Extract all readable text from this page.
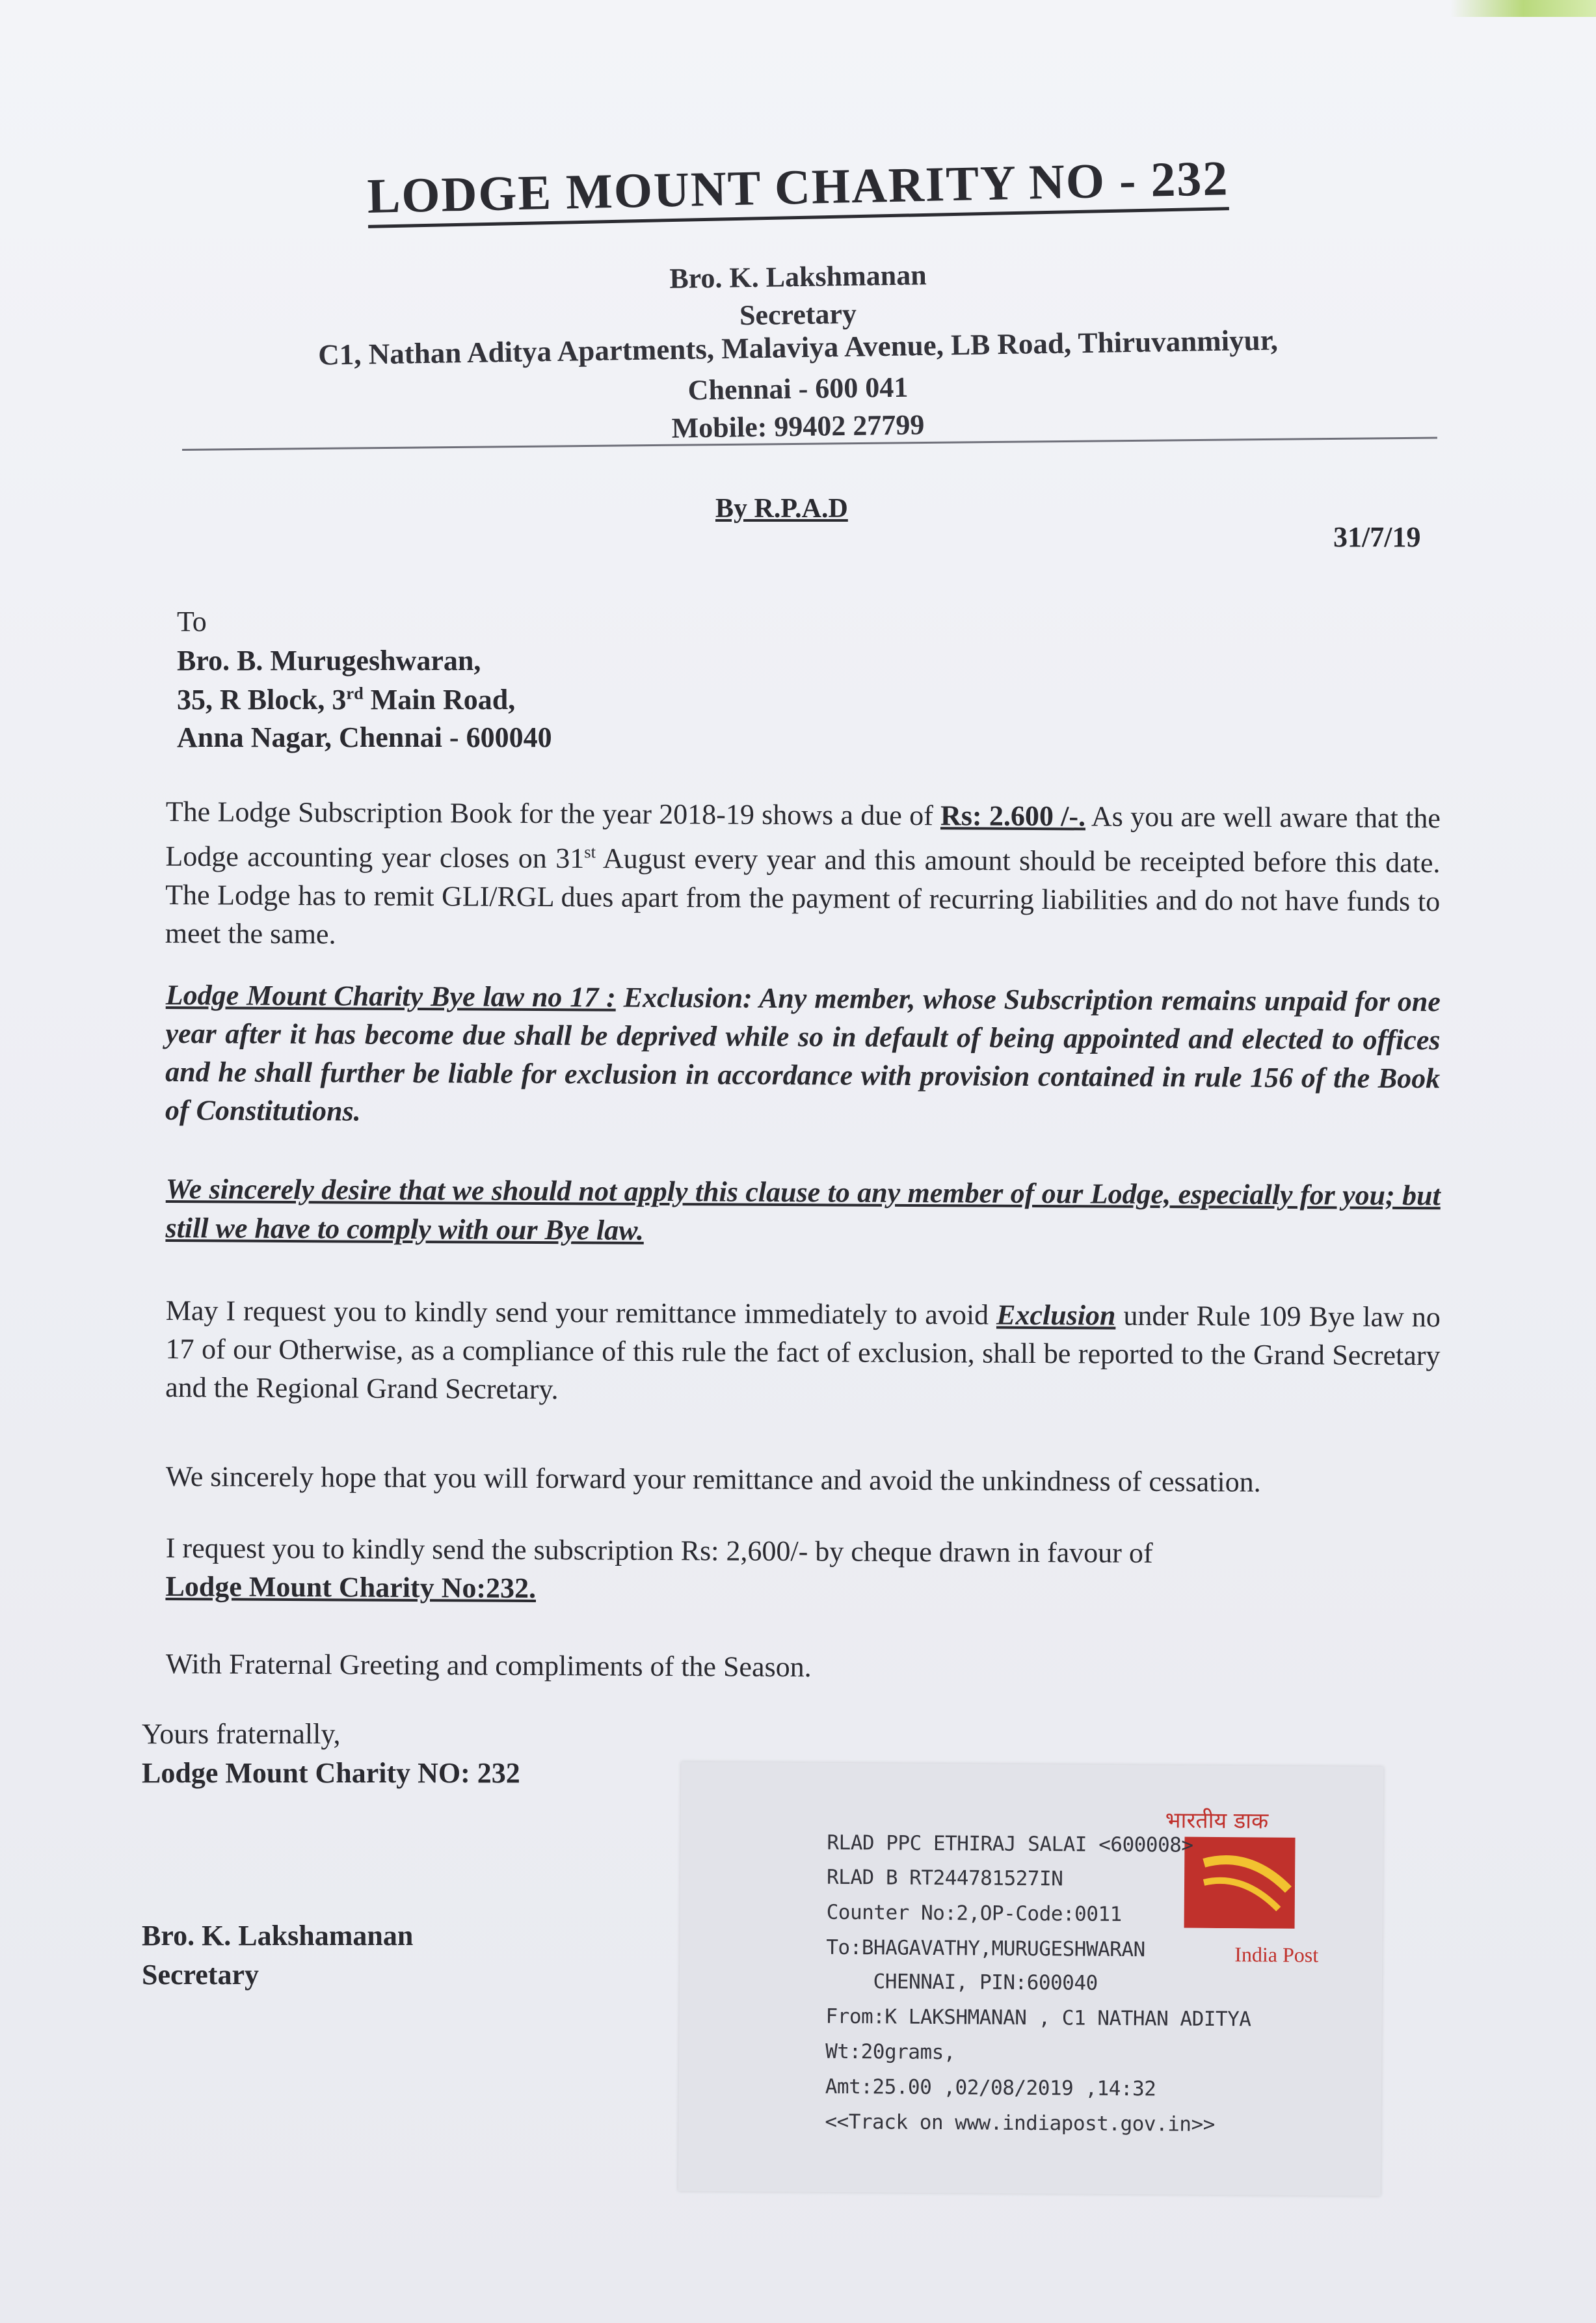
LODGE MOUNT CHARITY NO - 232
Bro. K. Lakshmanan
Secretary
C1, Nathan Aditya Apartments, Malaviya Avenue, LB Road, Thiruvanmiyur,
Chennai - 600 041
Mobile: 99402 27799
By R.P.A.D
31/7/19
To
Bro. B. Murugeshwaran,
35, R Block, 3rd Main Road,
Anna Nagar, Chennai - 600040
The Lodge Subscription Book for the year 2018-19 shows a due of Rs: 2.600 /-. As you are well aware that the Lodge accounting year closes on 31st August every year and this amount should be receipted before this date. The Lodge has to remit GLI/RGL dues apart from the payment of recurring liabilities and do not have funds to meet the same.
Lodge Mount Charity Bye law no 17 : Exclusion: Any member, whose Subscription remains unpaid for one year after it has become due shall be deprived while so in default of being appointed and elected to offices and he shall further be liable for exclusion in accordance with provision contained in rule 156 of the Book of Constitutions.
We sincerely desire that we should not apply this clause to any member of our Lodge, especially for you; but still we have to comply with our Bye law.
May I request you to kindly send your remittance immediately to avoid Exclusion under Rule 109 Bye law no 17 of our Otherwise, as a compliance of this rule the fact of exclusion, shall be reported to the Grand Secretary and the Regional Grand Secretary.
We sincerely hope that you will forward your remittance and avoid the unkindness of cessation.
I request you to kindly send the subscription Rs: 2,600/- by cheque drawn in favour of
Lodge Mount Charity No:232.
With Fraternal Greeting and compliments of the Season.
Yours fraternally,
Lodge Mount Charity NO: 232
Bro. K. Lakshamanan
Secretary
भारतीय डाक
India Post
RLAD PPC ETHIRAJ SALAI <600008>
RLAD B RT244781527IN
Counter No:2,OP-Code:0011
To:BHAGAVATHY,MURUGESHWARAN
CHENNAI, PIN:600040
From:K LAKSHMANAN , C1 NATHAN ADITYA
Wt:20grams,
Amt:25.00 ,02/08/2019 ,14:32
<<Track on www.indiapost.gov.in>>
